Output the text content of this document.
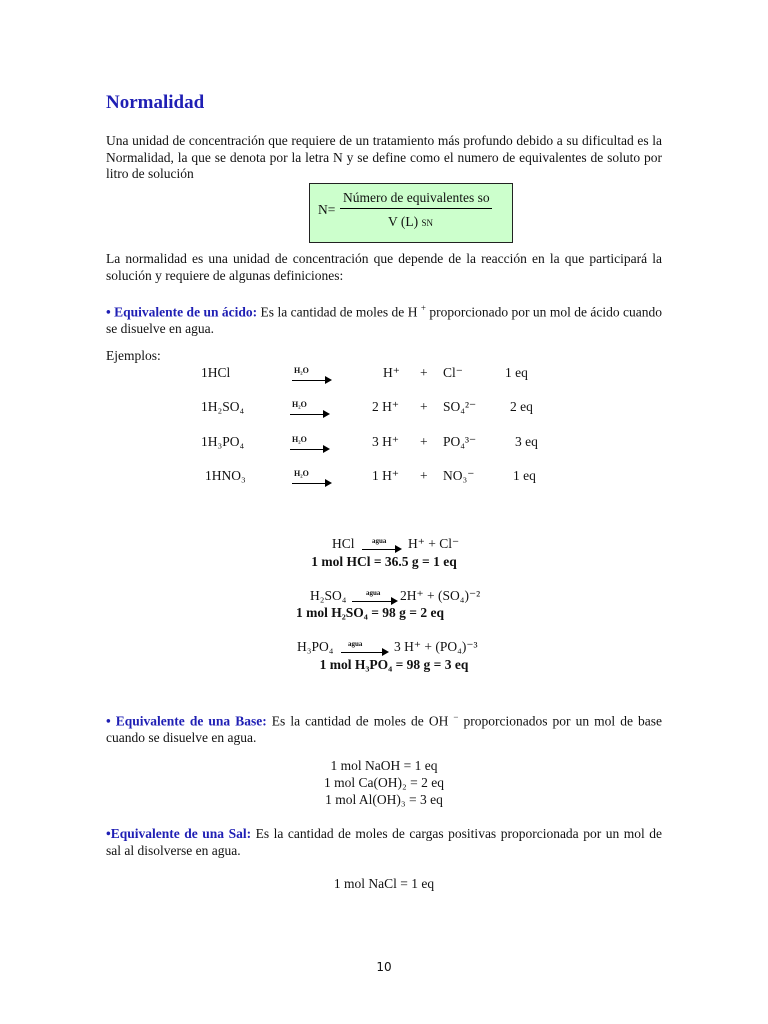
Normalidad
Una unidad de concentración que requiere de un tratamiento más profundo debido a su dificultad es la Normalidad, la que se denota por la letra N y se define como el numero de equivalentes de soluto por litro de solución
N=
Número de equivalentes so
V (L) SN
La normalidad es una unidad de concentración que depende de la reacción en la que participará la solución y requiere de algunas definiciones:
• Equivalente de un ácido: Es la cantidad de moles de H + proporcionado por un mol de ácido cuando se disuelve en agua.
Ejemplos:
1HCl	H₂O	H⁺ + Cl⁻	1 eq
1H₂SO₄	H₂O	2 H⁺ + SO₄²⁻	2 eq
1H₃PO₄	H₂O	3 H⁺ + PO₄³⁻	3 eq
1HNO₃	H₂O	1 H⁺ + NO₃⁻	1 eq
HCl agua → H⁺ + Cl⁻
1 mol HCl = 36.5 g = 1 eq
H₂SO₄	agua → 2H⁺ + (SO₄)⁻²
1 mol H₂SO₄ = 98 g = 2 eq
H₃PO₄ agua → 3 H⁺ + (PO₄)⁻³
1 mol H₃PO₄ = 98 g = 3 eq
• Equivalente de una Base: Es la cantidad de moles de OH − proporcionados por un mol de base cuando se disuelve en agua.
1 mol NaOH = 1 eq
1 mol Ca(OH)₂ = 2 eq
1 mol Al(OH)₃ = 3 eq
•Equivalente de una Sal: Es la cantidad de moles de cargas positivas proporcionada por un mol de sal al disolverse en agua.
1 mol NaCl = 1 eq
10
